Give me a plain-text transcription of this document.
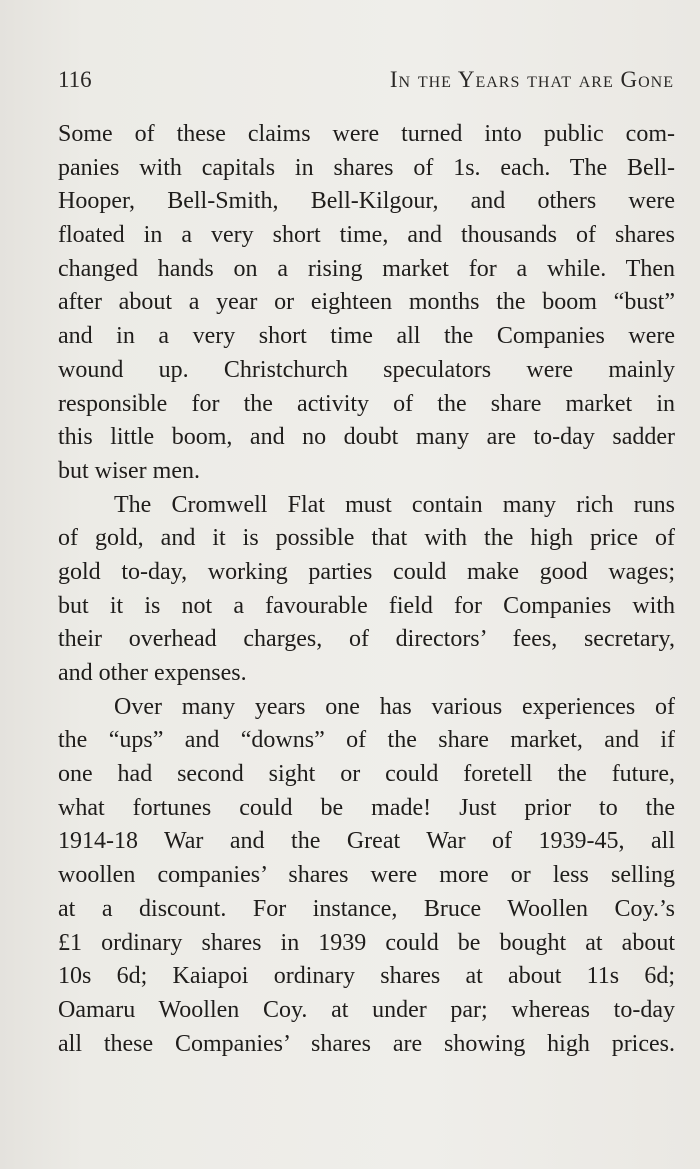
116	In the Years that are Gone
Some of these claims were turned into public com-
panies with capitals in shares of 1s. each. The Bell-
Hooper, Bell-Smith, Bell-Kilgour, and others were
floated in a very short time, and thousands of shares
changed hands on a rising market for a while. Then
after about a year or eighteen months the boom “bust”
and in a very short time all the Companies were
wound up. Christchurch speculators were mainly
responsible for the activity of the share market in
this little boom, and no doubt many are to-day sadder
but wiser men.
The Cromwell Flat must contain many rich runs
of gold, and it is possible that with the high price of
gold to-day, working parties could make good wages;
but it is not a favourable field for Companies with
their overhead charges, of directors’ fees, secretary,
and other expenses.
Over many years one has various experiences of
the “ups” and “downs” of the share market, and if
one had second sight or could foretell the future,
what fortunes could be made! Just prior to the
1914-18 War and the Great War of 1939-45, all
woollen companies’ shares were more or less selling
at a discount. For instance, Bruce Woollen Coy.’s
£1 ordinary shares in 1939 could be bought at about
10s 6d; Kaiapoi ordinary shares at about 11s 6d;
Oamaru Woollen Coy. at under par; whereas to-day
all these Companies’ shares are showing high prices.
